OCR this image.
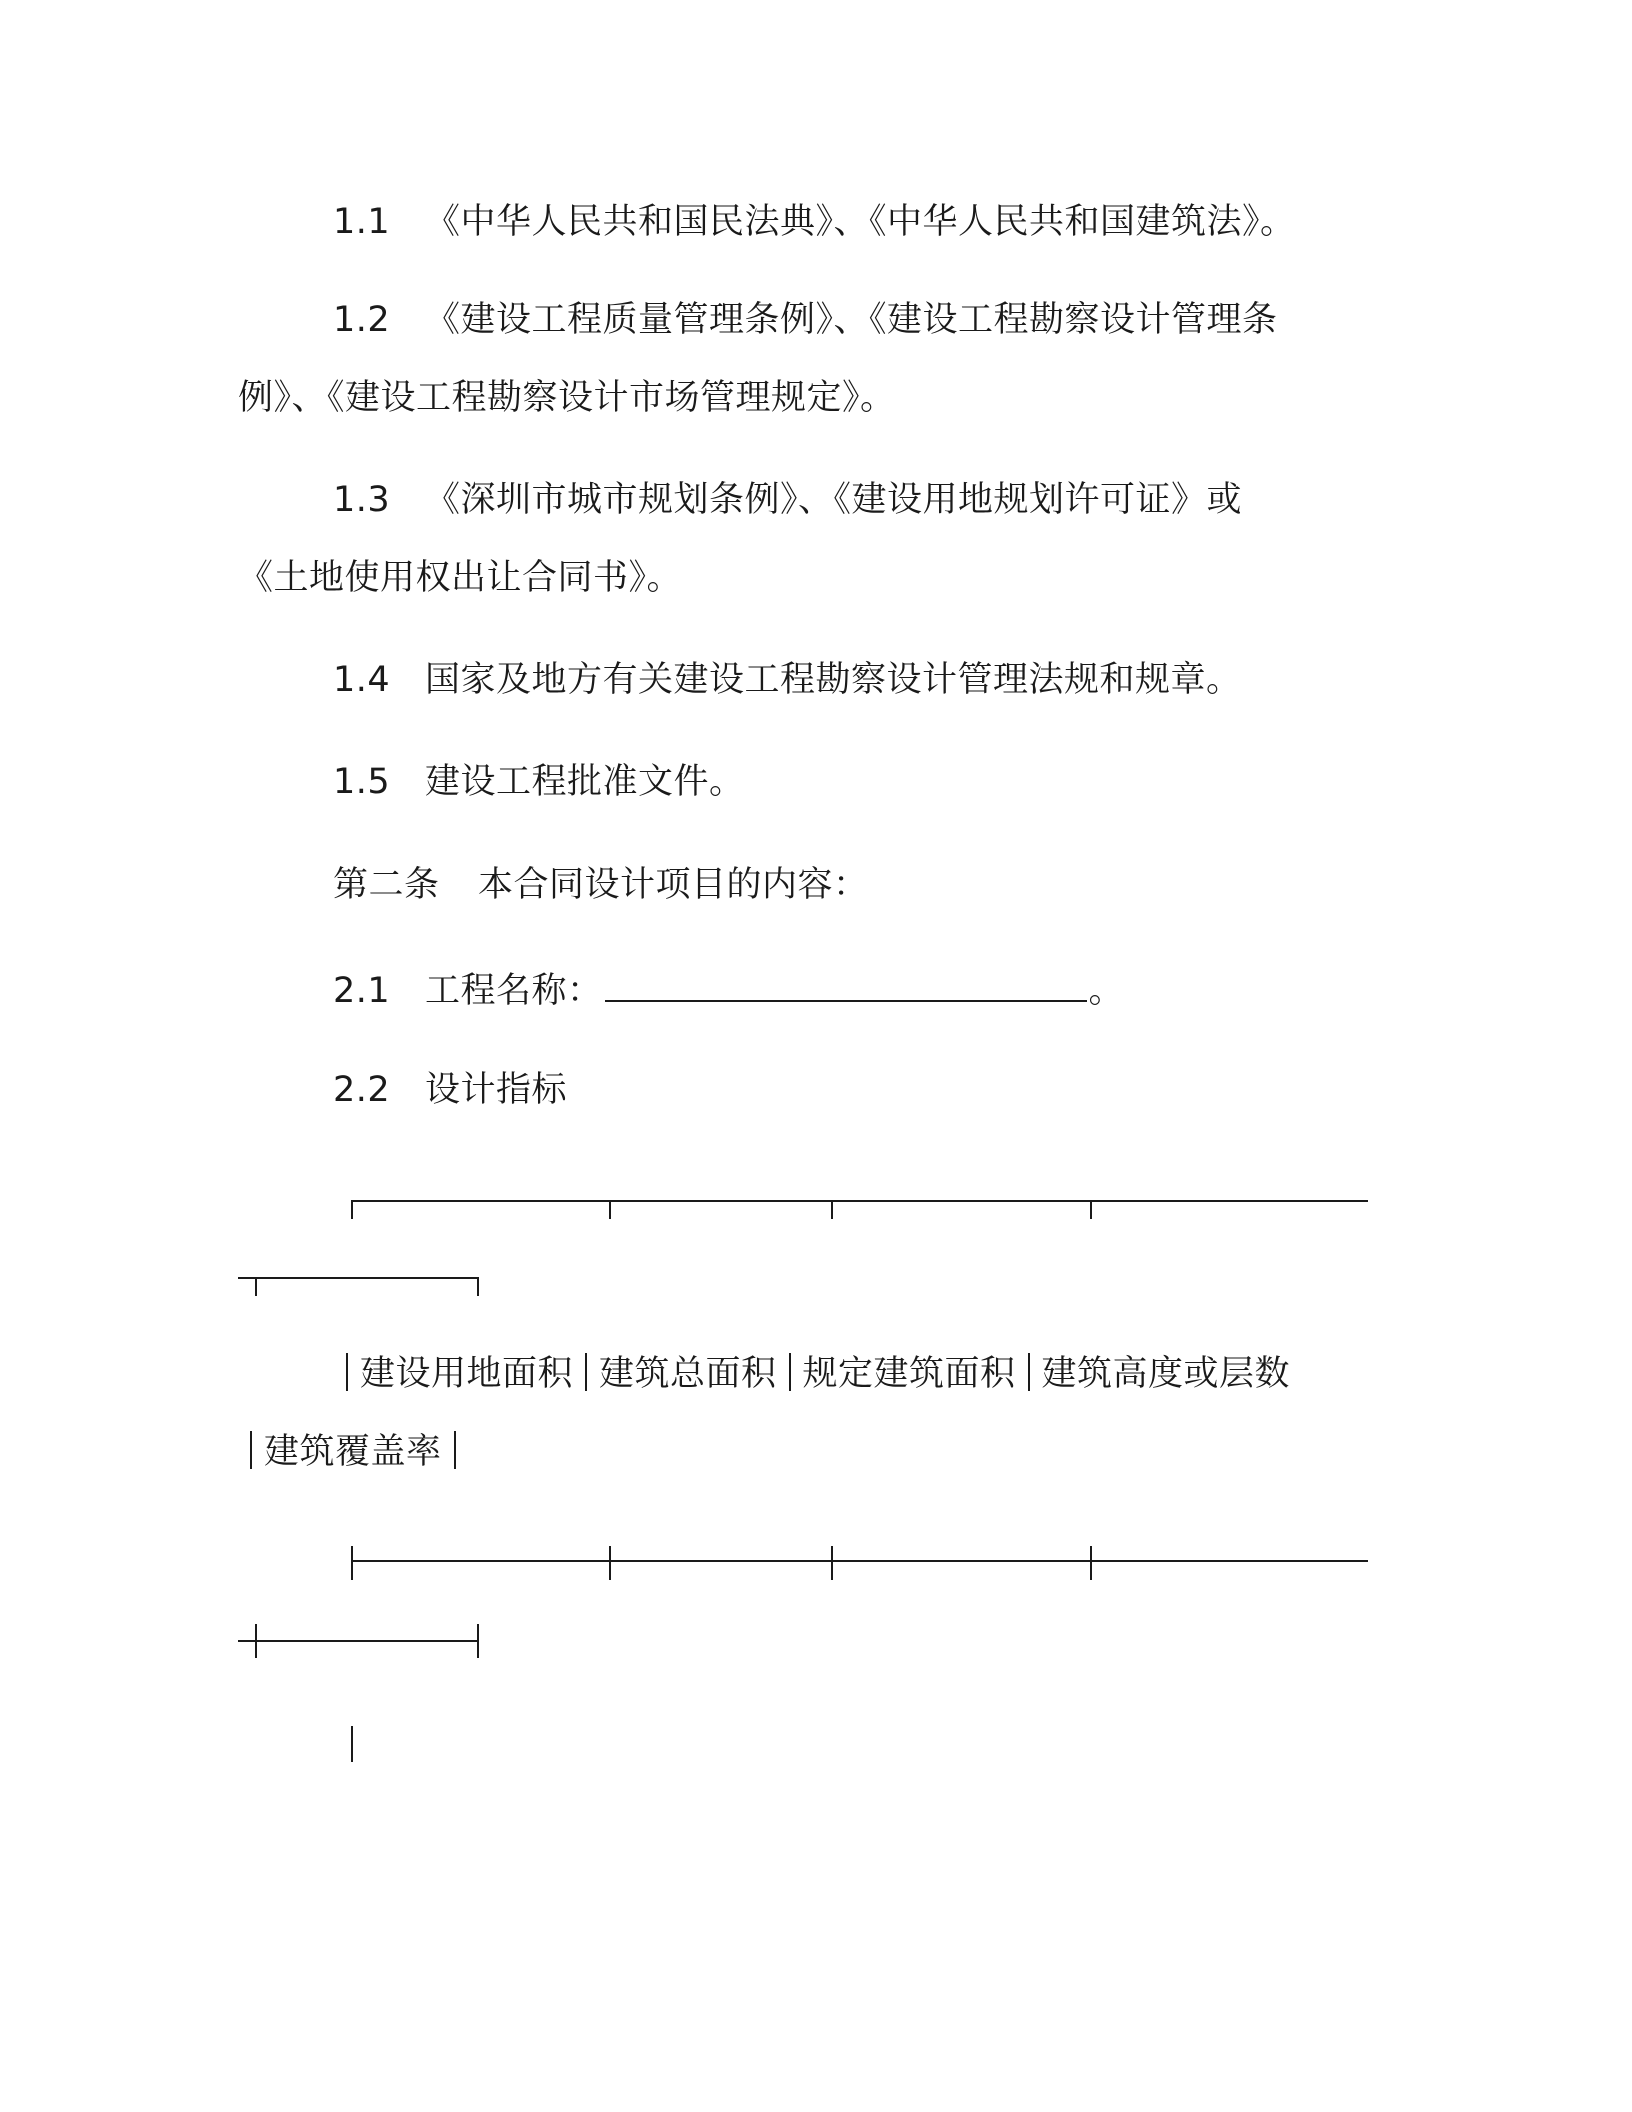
1.1 《中华人民共和国民法典》、《中华人民共和国建筑法》。
1.2 《建设工程质量管理条例》、《建设工程勘察设计管理条
例》、《建设工程勘察设计市场管理规定》。
1.3 《深圳市城市规划条例》、《建设用地规划许可证》或
《土地使用权出让合同书》。
1.4 国家及地方有关建设工程勘察设计管理法规和规章。
1.5 建设工程批准文件。
第二条 本合同设计项目的内容：
2.1 工程名称：	。
2.2 设计指标
建设用地面积 建筑总面积 规定建筑面积 建筑高度或层数
建筑覆盖率
